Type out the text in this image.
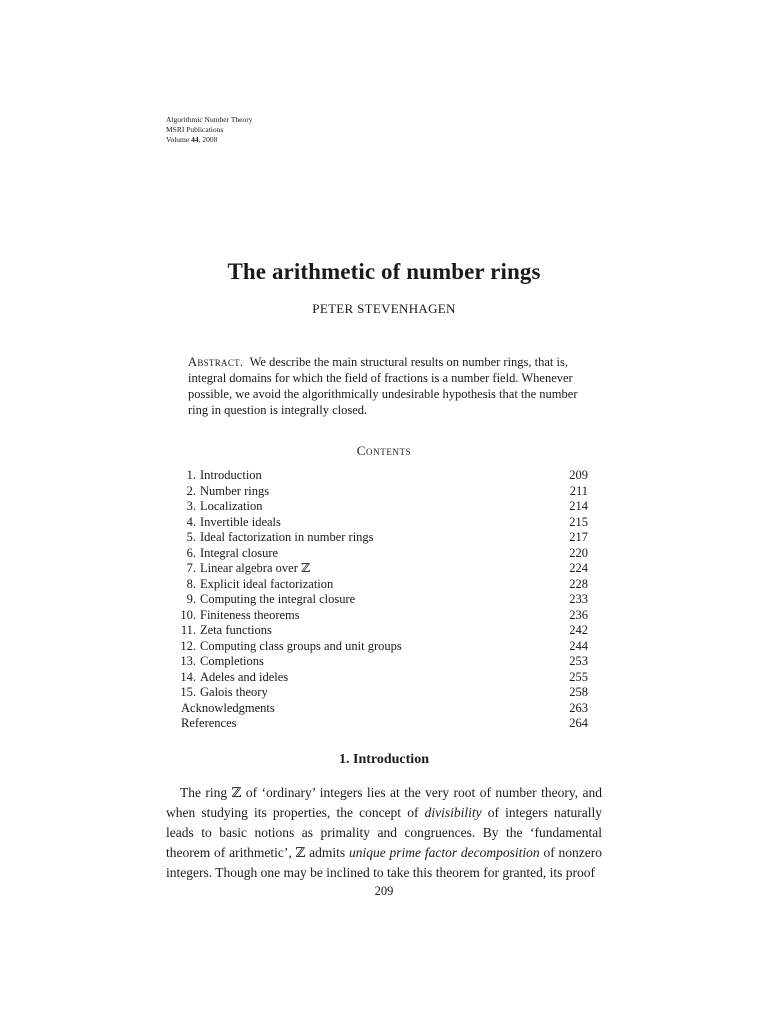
Algorithmic Number Theory
MSRI Publications
Volume 44, 2008
The arithmetic of number rings
PETER STEVENHAGEN
Abstract. We describe the main structural results on number rings, that is, integral domains for which the field of fractions is a number field. Whenever possible, we avoid the algorithmically undesirable hypothesis that the number ring in question is integrally closed.
Contents
1. Introduction	209
2. Number rings	211
3. Localization	214
4. Invertible ideals	215
5. Ideal factorization in number rings	217
6. Integral closure	220
7. Linear algebra over ℤ	224
8. Explicit ideal factorization	228
9. Computing the integral closure	233
10. Finiteness theorems	236
11. Zeta functions	242
12. Computing class groups and unit groups	244
13. Completions	253
14. Adeles and ideles	255
15. Galois theory	258
Acknowledgments	263
References	264
1. Introduction
The ring ℤ of ‘ordinary’ integers lies at the very root of number theory, and when studying its properties, the concept of divisibility of integers naturally leads to basic notions as primality and congruences. By the ‘fundamental theorem of arithmetic’, ℤ admits unique prime factor decomposition of nonzero integers. Though one may be inclined to take this theorem for granted, its proof
209
